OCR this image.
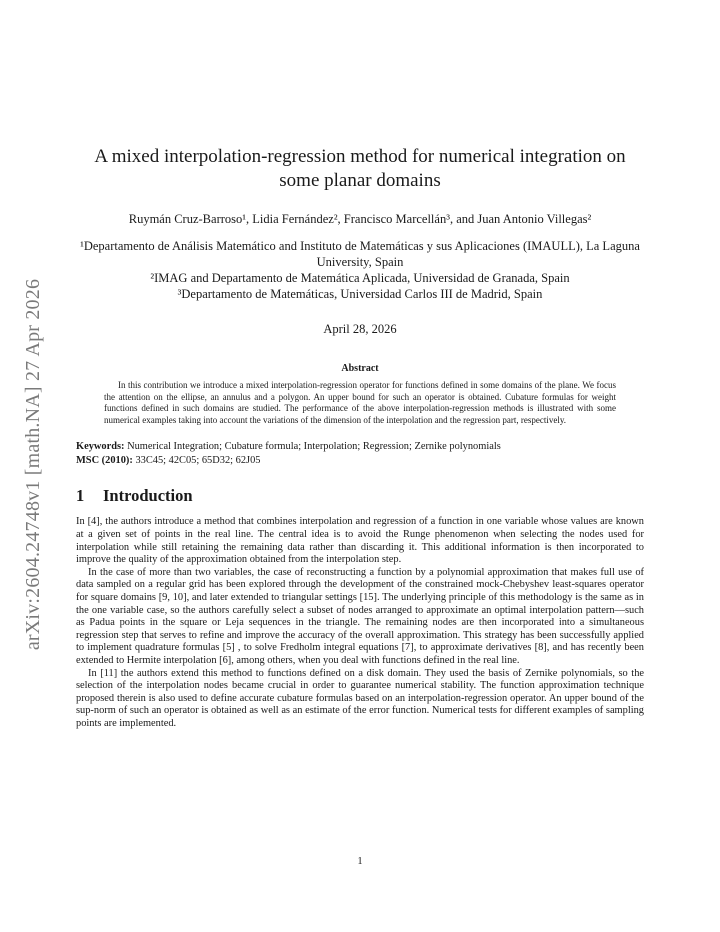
arXiv:2604.24748v1 [math.NA] 27 Apr 2026
A mixed interpolation-regression method for numerical integration on some planar domains
Ruymán Cruz-Barroso¹, Lidia Fernández², Francisco Marcellán³, and Juan Antonio Villegas²
¹Departamento de Análisis Matemático and Instituto de Matemáticas y sus Aplicaciones (IMAULL), La Laguna University, Spain
²IMAG and Departamento de Matemática Aplicada, Universidad de Granada, Spain
³Departamento de Matemáticas, Universidad Carlos III de Madrid, Spain
April 28, 2026
Abstract

In this contribution we introduce a mixed interpolation-regression operator for functions defined in some domains of the plane. We focus the attention on the ellipse, an annulus and a polygon. An upper bound for such an operator is obtained. Cubature formulas for weight functions defined in such domains are studied. The performance of the above interpolation-regression methods is illustrated with some numerical examples taking into account the variations of the dimension of the interpolation and the regression part, respectively.

Keywords: Numerical Integration; Cubature formula; Interpolation; Regression; Zernike polynomials
MSC (2010): 33C45; 42C05; 65D32; 62J05
1 Introduction

In [4], the authors introduce a method that combines interpolation and regression of a function in one variable whose values are known at a given set of points in the real line. The central idea is to avoid the Runge phenomenon when selecting the nodes used for interpolation while still retaining the remaining data rather than discarding it. This additional information is then incorporated to improve the quality of the approximation obtained from the interpolation step.

In the case of more than two variables, the case of reconstructing a function by a polynomial approximation that makes full use of data sampled on a regular grid has been explored through the development of the constrained mock-Chebyshev least-squares operator for square domains [9, 10], and later extended to triangular settings [15]. The underlying principle of this methodology is the same as in the one variable case, so the authors carefully select a subset of nodes arranged to approximate an optimal interpolation pattern—such as Padua points in the square or Leja sequences in the triangle. The remaining nodes are then incorporated into a simultaneous regression step that serves to refine and improve the accuracy of the overall approximation. This strategy has been successfully applied to implement quadrature formulas [5] , to solve Fredholm integral equations [7], to approximate derivatives [8], and has recently been extended to Hermite interpolation [6], among others, when you deal with functions defined in the real line.

In [11] the authors extend this method to functions defined on a disk domain. They used the basis of Zernike polynomials, so the selection of the interpolation nodes became crucial in order to guarantee numerical stability. The function approximation technique proposed therein is also used to define accurate cubature formulas based on an interpolation-regression operator. An upper bound of the sup-norm of such an operator is obtained as well as an estimate of the error function. Numerical tests for different examples of sampling points are implemented.

1
